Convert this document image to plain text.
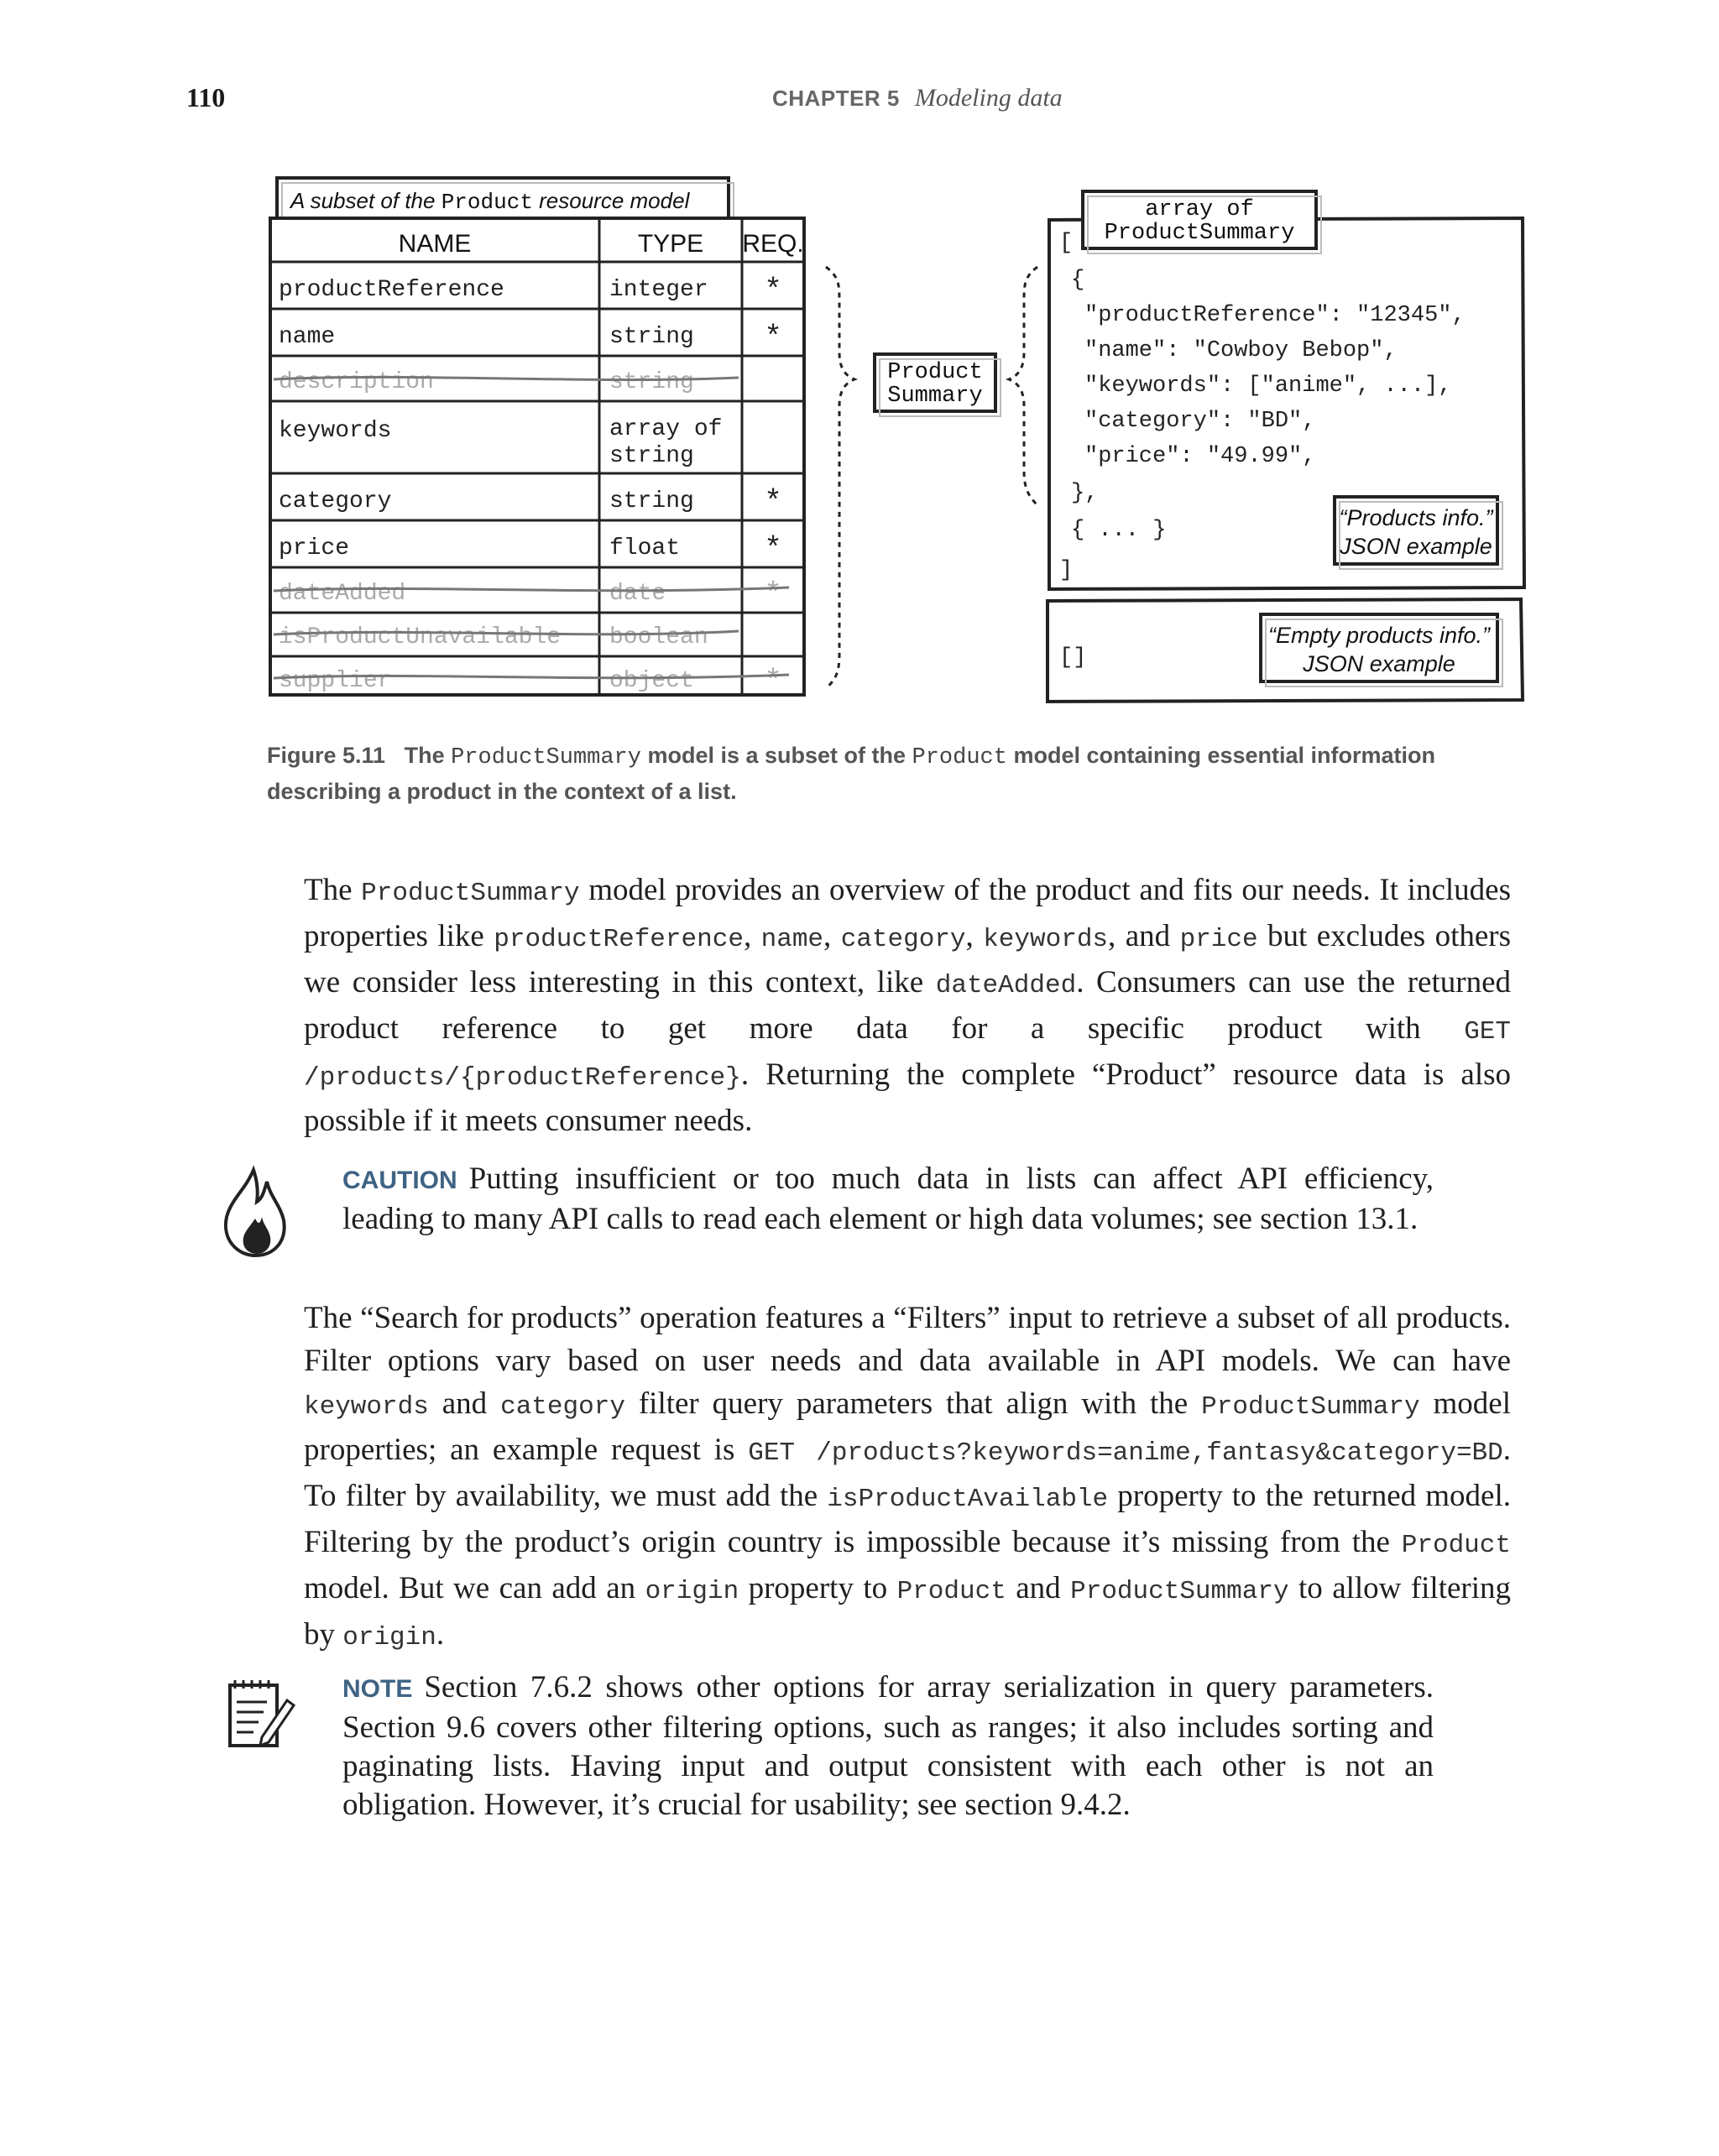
110	CHAPTER 5 Modeling data
A subset of the Product resource model
NAME	TYPE REQ.
productReference	integer *
name	string *
description	string
keywords	array of
string
category	string *
price	float	*
dateAdded	date	*
isProductUnavailable boolean
supplier	object *
Product
Summary
array of
ProductSummary
[
{
"productReference": "12345",
"name": "Cowboy Bebop",
"keywords": ["anime", ...],
"category": "BD",
"price": "49.99",
},
{ ... }
]
“Products info.”
JSON example
[]
“Empty products info.”
JSON example
Figure 5.11 The ProductSummary model is a subset of the Product model containing essential information describing a product in the context of a list.
The ProductSummary model provides an overview of the product and fits our needs. It includes properties like productReference, name, category, keywords, and price but excludes others we consider less interesting in this context, like dateAdded. Consumers can use the returned product reference to get more data for a specific product with GET /products/{productReference}. Returning the complete “Product” resource data is also possible if it meets consumer needs.
CAUTION Putting insufficient or too much data in lists can affect API efficiency, leading to many API calls to read each element or high data volumes; see section 13.1.
The “Search for products” operation features a “Filters” input to retrieve a subset of all products. Filter options vary based on user needs and data available in API models. We can have keywords and category filter query parameters that align with the ProductSummary model properties; an example request is GET /products?keywords=anime,fantasy&category=BD. To filter by availability, we must add the isProductAvailable property to the returned model. Filtering by the product’s origin country is impossible because it’s missing from the Product model. But we can add an origin property to Product and ProductSummary to allow filtering by origin.
NOTE Section 7.6.2 shows other options for array serialization in query parameters. Section 9.6 covers other filtering options, such as ranges; it also includes sorting and paginating lists. Having input and output consistent with each other is not an obligation. However, it’s crucial for usability; see section 9.4.2.
